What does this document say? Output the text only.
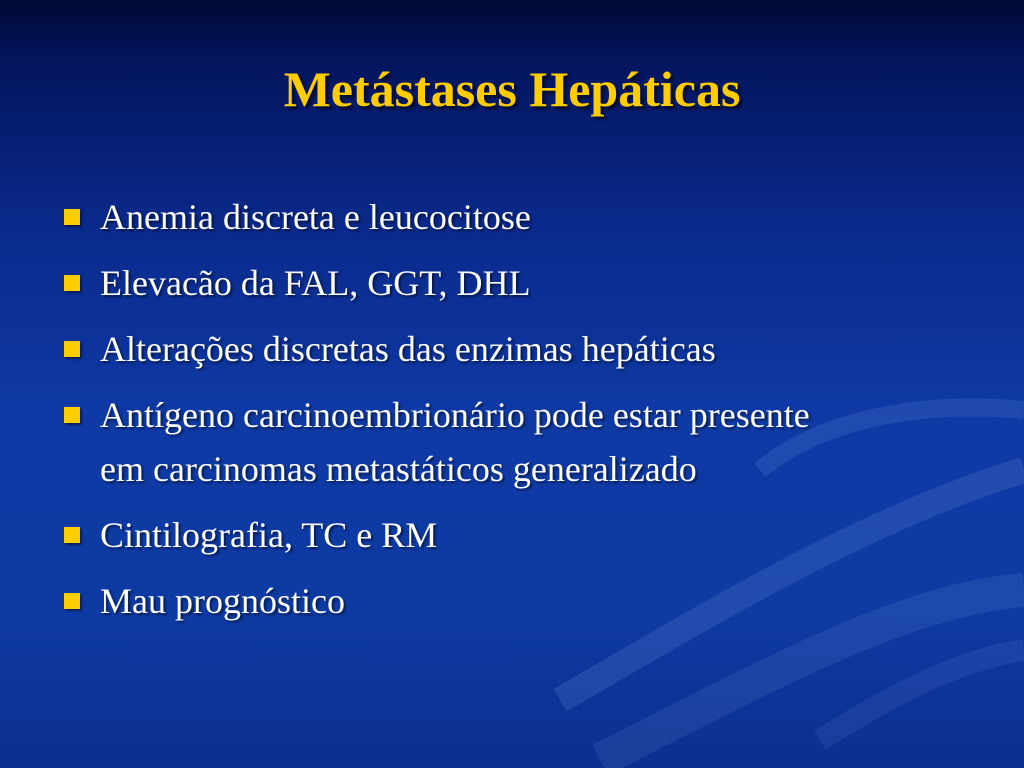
Metástases Hepáticas
Anemia discreta e leucocitose
Elevacão da FAL, GGT, DHL
Alterações discretas das enzimas hepáticas
Antígeno carcinoembrionário pode estar presente em carcinomas metastáticos generalizado
Cintilografia, TC e RM
Mau prognóstico
